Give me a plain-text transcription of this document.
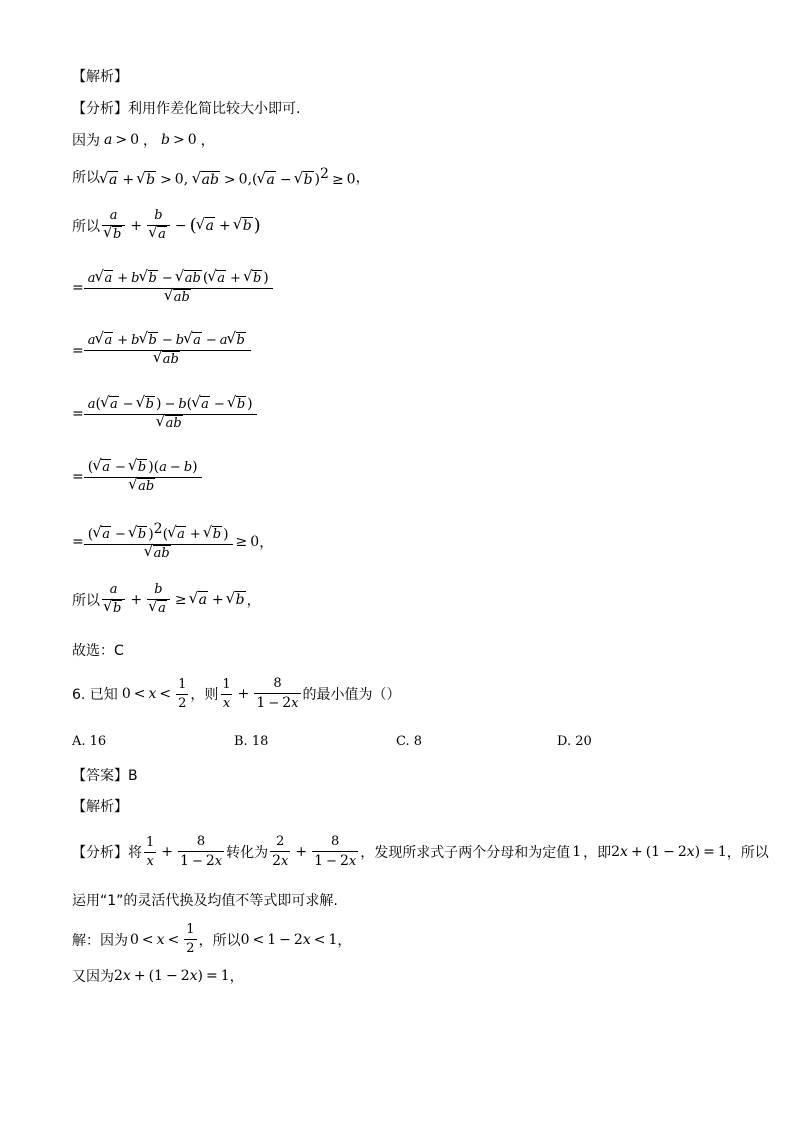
【解析】
【分析】 利用作差化简比较大小即可.
因为 a > 0 ， b > 0 ，
所以 √ a + √ b > 0, √ ab > 0,( √ a − √ b )$^2$ ≥ 0 ，
所以 a
√ b + b
√ a − ( √ a + √ b )
= a √ a + b √ b − √ ab ( √ a + √ b )
√ ab
= a √ a + b √ b − b √ a − a √ b
√ ab
= a( √ a − √ b ) − b( √ a − √ b )
√ ab
= ( √ a − √ b )(a − b)
√ ab
= ( √ a − √ b )$^2$( √ a + √ b )
√ ab ≥ 0 ，
所以 a
√ b + b
√ a ≥ √ a + √ b ，
故选：C
6. 已知 $0 < x < \frac{1}{2}$ ，则 $\frac{1}{x} + \frac{8}{1 - 2x}$ 的最小值为（）
A. 16	B. 18	C. 8	D. 20
【答案】B
【解析】
【分析】将 $\frac{1}{x} + \frac{8}{1 - 2x}$ 转化为 $\frac{2}{2x} + \frac{8}{1 - 2x}$ ，发现所求式子两个分母和为定值 1 ，即 2x + (1 − 2x) = 1 ，所以
运用“1”的灵活代换及均值不等式即可求解.
解：因为 $0 < x < \frac{1}{2}$ ，所以 0 < 1 − 2x < 1 ，
又因为 2x + (1 − 2x) = 1 ，
